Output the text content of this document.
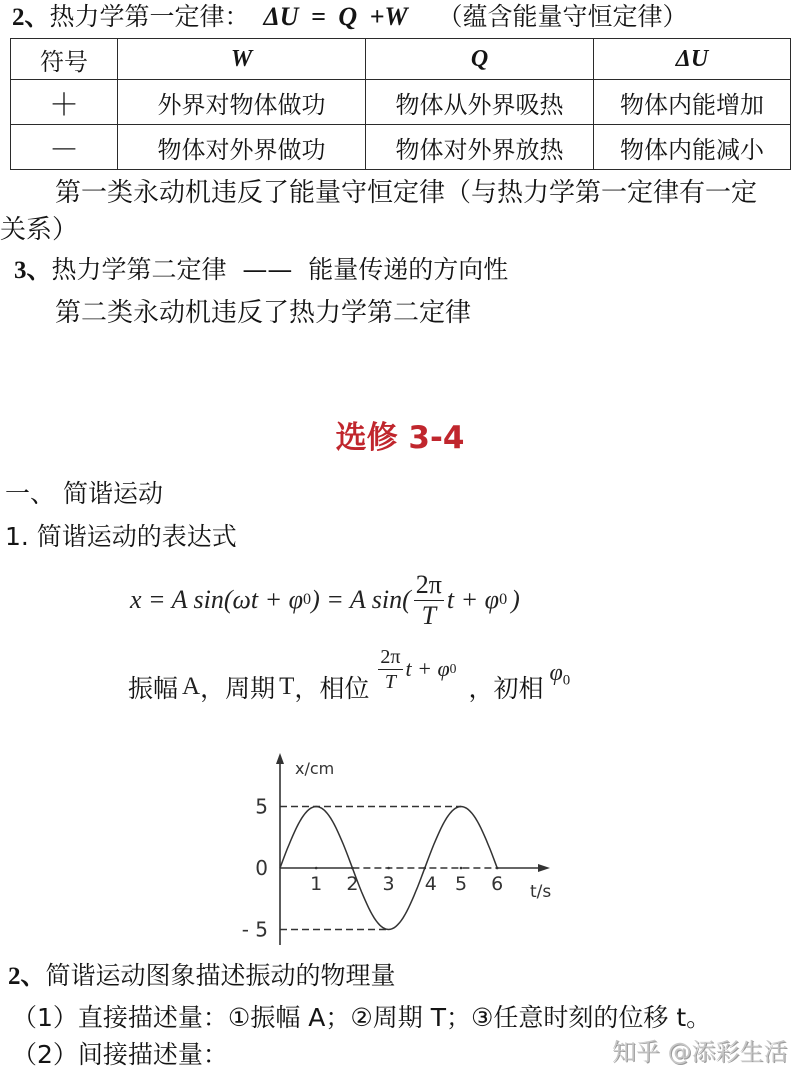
2、热力学第一定律： ΔU = Q +W （蕴含能量守恒定律）
符号	W	Q	ΔU
＋	外界对物体做功	物体从外界吸热	物体内能增加
－	物体对外界做功	物体对外界放热	物体内能减小
第一类永动机违反了能量守恒定律（与热力学第一定律有一定
关系）
3、热力学第二定律  ——  能量传递的方向性
第二类永动机违反了热力学第二定律
选修 3-4
一、 简谐运动
1. 简谐运动的表达式
x = A sin(ωt + φ 0 ) = A $\sin( \frac{2\pi}{T}$ t + φ 0 )
振幅 A ，周期 T ，相位 $\frac{2\pi}{T}$ t + φ 0
，初相
$\varphi_0$
1 2 3 4 5 6
5
0
- 5
x/cm
t/s
2、简谐运动图象描述振动的物理量
（1）直接描述量：①振幅 A；②周期 T；③任意时刻的位移 t。
（2）间接描述量：	知乎 @添彩生活
